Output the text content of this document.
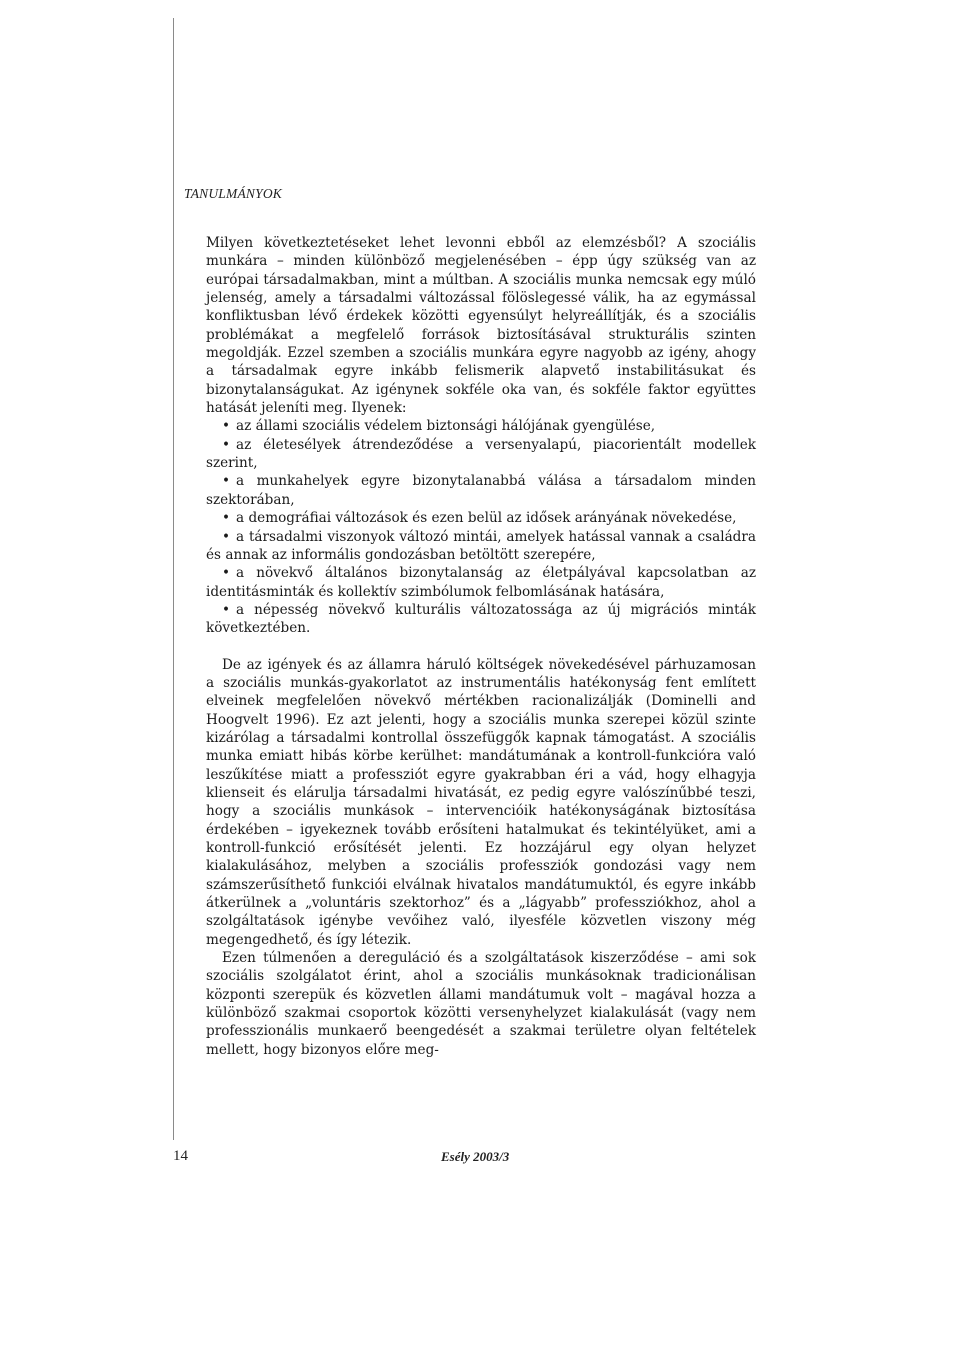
TANULMÁNYOK

Milyen következtetéseket lehet levonni ebből az elemzésből? A szociális munkára – minden különböző megjelenésében – épp úgy szükség van az európai társadalmakban, mint a múltban. A szociális munka nemcsak egy múló jelenség, amely a társadalmi változással fölöslegessé válik, ha az egymással konfliktusban lévő érdekek közötti egyensúlyt helyreállítják, és a szociális problémákat a megfelelő források biztosításával strukturális szinten megoldják. Ezzel szemben a szociális munkára egyre nagyobb az igény, ahogy a társadalmak egyre inkább felismerik alapvető instabilitásukat és bizonytalanságukat. Az igénynek sokféle oka van, és sokféle faktor együttes hatását jeleníti meg. Ilyenek:

• az állami szociális védelem biztonsági hálójának gyengülése,
• az életesélyek átrendeződése a versenyalapú, piacorientált modellek szerint,
• a munkahelyek egyre bizonytalanabbá válása a társadalom minden szektorában,
• a demográfiai változások és ezen belül az idősek arányának növekedése,
• a társadalmi viszonyok változó mintái, amelyek hatással vannak a családra és annak az informális gondozásban betöltött szerepére,
• a növekvő általános bizonytalanság az életpályával kapcsolatban az identitásminták és kollektív szimbólumok felbomlásának hatására,
• a népesség növekvő kulturális változatossága az új migrációs minták következtében.

De az igények és az államra háruló költségek növekedésével párhuzamosan a szociális munkás-gyakorlatot az instrumentális hatékonyság fent említett elveinek megfelelően növekvő mértékben racionalizálják (Dominelli and Hoogvelt 1996). Ez azt jelenti, hogy a szociális munka szerepei közül szinte kizárólag a társadalmi kontrollal összefüggők kapnak támogatást. A szociális munka emiatt hibás körbe kerülhet: mandátumának a kontroll-funkcióra való leszűkítése miatt a professziót egyre gyakrabban éri a vád, hogy elhagyja klienseit és elárulja társadalmi hivatását, ez pedig egyre valószínűbbé teszi, hogy a szociális munkások – intervencióik hatékonyságának biztosítása érdekében – igyekeznek tovább erősíteni hatalmukat és tekintélyüket, ami a kontroll-funkció erősítését jelenti. Ez hozzájárul egy olyan helyzet kialakulásához, melyben a szociális professziók gondozási vagy nem számszerűsíthető funkciói elválnak hivatalos mandátumuktól, és egyre inkább átkerülnek a „voluntáris szektorhoz” és a „lágyabb” professziókhoz, ahol a szolgáltatások igénybe vevőihez való, ilyesféle közvetlen viszony még megengedhető, és így létezik.

Ezen túlmenően a dereguláció és a szolgáltatások kiszerződése – ami sok szociális szolgálatot érint, ahol a szociális munkásoknak tradicionálisan központi szerepük és közvetlen állami mandátumuk volt – magával hozza a különböző szakmai csoportok közötti versenyhelyzet kialakulását (vagy nem professzionális munkaerő beengedését a szakmai területre olyan feltételek mellett, hogy bizonyos előre meg-

14	Esély 2003/3
